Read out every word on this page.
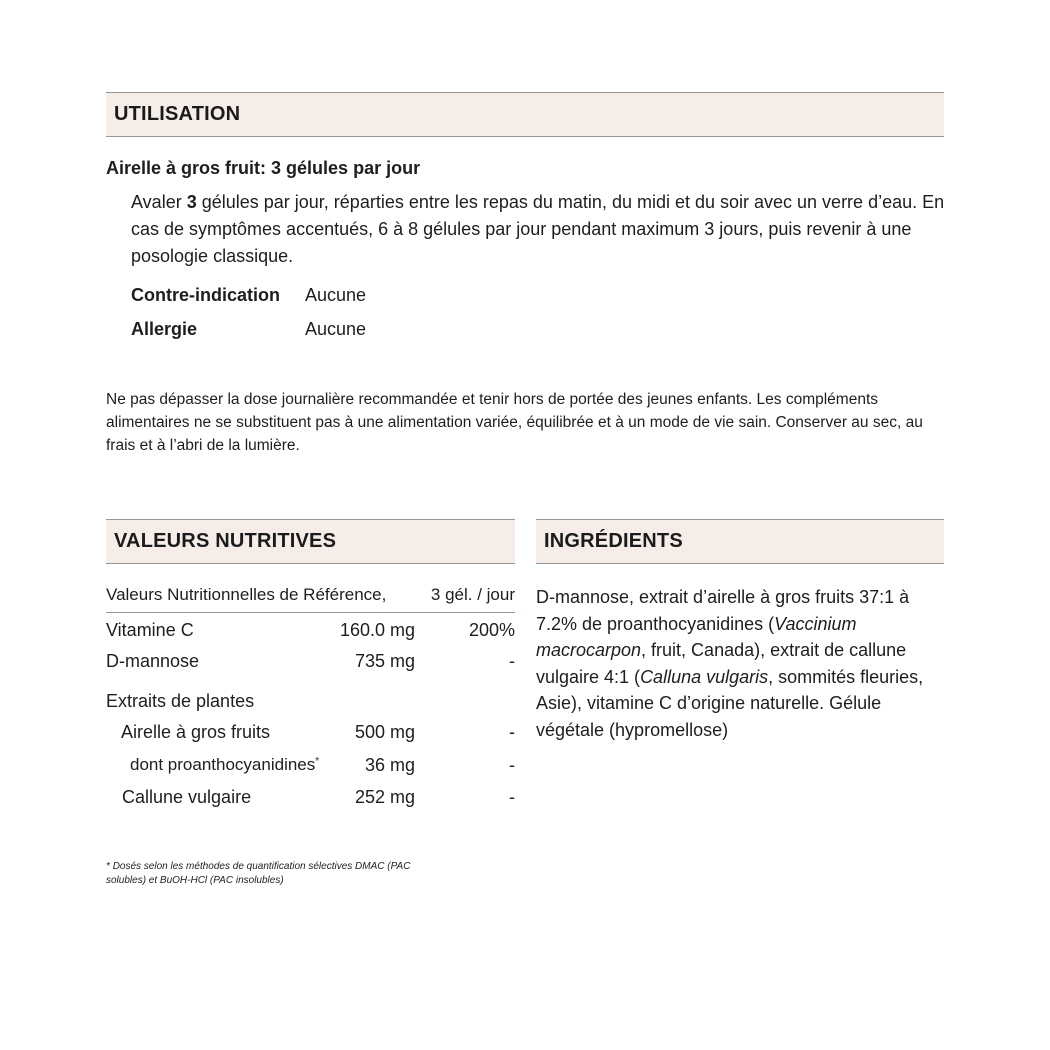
UTILISATION
Airelle à gros fruit: 3 gélules par jour
Avaler 3 gélules par jour, réparties entre les repas du matin, du midi et du soir avec un verre d’eau. En cas de symptômes accentués, 6 à 8 gélules par jour pendant maximum 3 jours, puis revenir à une posologie classique.
Contre-indication Aucune
Allergie	Aucune
Ne pas dépasser la dose journalière recommandée et tenir hors de portée des jeunes enfants. Les compléments alimentaires ne se substituent pas à une alimentation variée, équilibrée et à un mode de vie sain. Conserver au sec, au frais et à l’abri de la lumière.
VALEURS NUTRITIVES
Valeurs Nutritionnelles de Référence,	3 gél. / jour
Vitamine C	160.0 mg	200%
D-mannose	735 mg	-
Extraits de plantes
Airelle à gros fruits	500 mg	-
dont proanthocyanidines*	36 mg	-
Callune vulgaire	252 mg	-
* Dosés selon les méthodes de quantification sélectives DMAC (PAC solubles) et BuOH-HCl (PAC insolubles)
INGRÉDIENTS
D-mannose, extrait d’airelle à gros fruits 37:1 à 7.2% de proanthocyanidines (Vaccinium macrocarpon, fruit, Canada), extrait de callune vulgaire 4:1 (Calluna vulgaris, sommités fleuries, Asie), vitamine C d’origine naturelle. Gélule végétale (hypromellose)
